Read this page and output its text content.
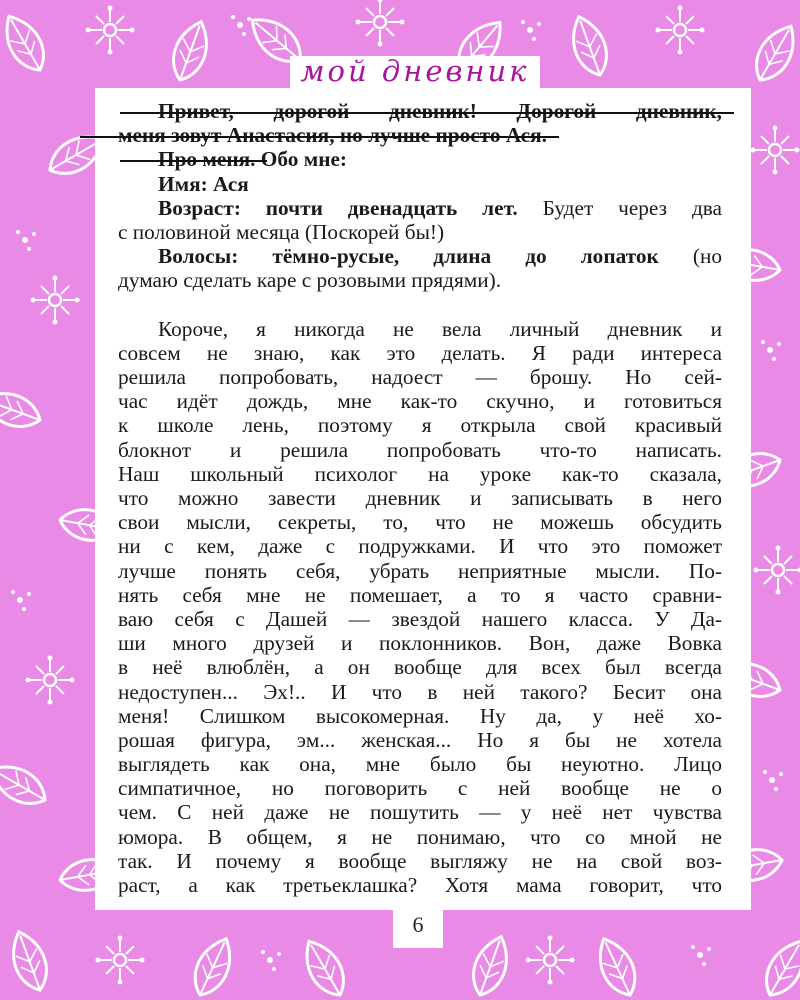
мой дневник
Привет, дорогой дневник! Дорогой дневник,
меня зовут Анастасия, но лучше просто Ася.
Про меня. Обо мне:
Имя: Ася
Возраст: почти двенадцать лет. Будет через два
с половиной месяца (Поскорей бы!)
Волосы: тёмно-русые, длина до лопаток (но
думаю сделать каре с розовыми прядями).
Короче, я никогда не вела личный дневник и
совсем не знаю, как это делать. Я ради интереса
решила попробовать, надоест — брошу. Но сей-
час идёт дождь, мне как-то скучно, и готовиться
к школе лень, поэтому я открыла свой красивый
блокнот и решила попробовать что-то написать.
Наш школьный психолог на уроке как-то сказала,
что можно завести дневник и записывать в него
свои мысли, секреты, то, что не можешь обсудить
ни с кем, даже с подружками. И что это поможет
лучше понять себя, убрать неприятные мысли. По-
нять себя мне не помешает, а то я часто сравни-
ваю себя с Дашей — звездой нашего класса. У Да-
ши много друзей и поклонников. Вон, даже Вовка
в неё влюблён, а он вообще для всех был всегда
недоступен... Эх!.. И что в ней такого? Бесит она
меня! Слишком высокомерная. Ну да, у неё хо-
рошая фигура, эм... женская... Но я бы не хотела
выглядеть как она, мне было бы неуютно. Лицо
симпатичное, но поговорить с ней вообще не о
чем. С ней даже не пошутить — у неё нет чувства
юмора. В общем, я не понимаю, что со мной не
так. И почему я вообще выгляжу не на свой воз-
раст, а как третьеклашка? Хотя мама говорит, что
6
